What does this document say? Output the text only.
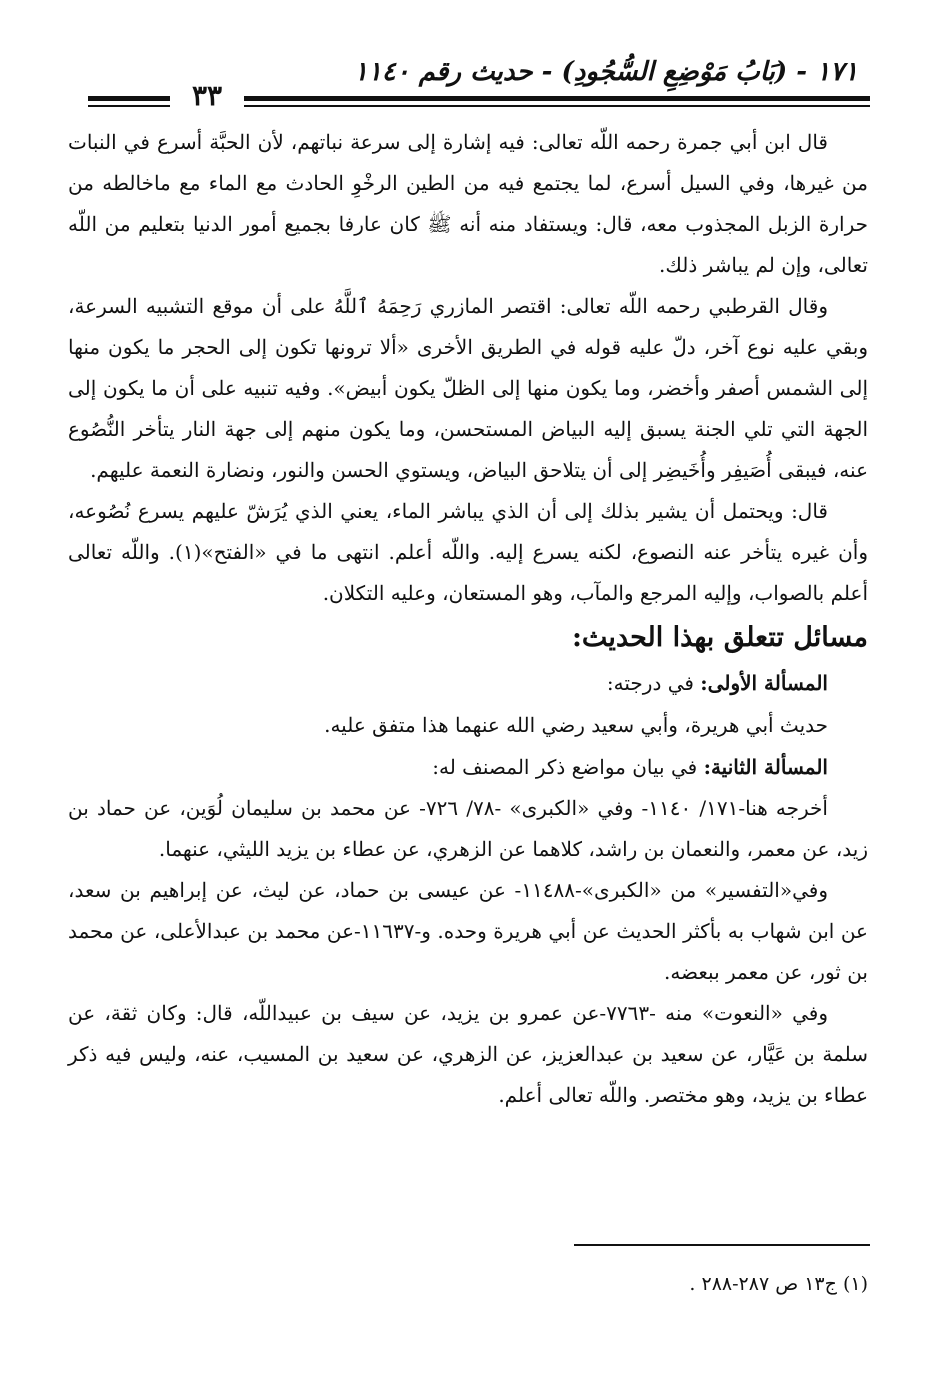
١٧١ - (بَابُ مَوْضِعِ السُّجُودِ) - حديث رقم ١١٤٠
٣٣

قال ابن أبي جمرة رحمه اللّه تعالى: فيه إشارة إلى سرعة نباتهم، لأن الحبَّة أسرع في النبات من غيرها، وفي السيل أسرع، لما يجتمع فيه من الطين الرخْوِ الحادث مع الماء مع ماخالطه من حرارة الزبل المجذوب معه، قال: ويستفاد منه أنه ﷺ كان عارفا بجميع أمور الدنيا بتعليم من اللّه تعالى، وإن لم يباشر ذلك.

وقال القرطبي رحمه اللّه تعالى: اقتصر المازري رَحِمَهُ ٱللَّهُ على أن موقع التشبيه السرعة، وبقي عليه نوع آخر، دلّ عليه قوله في الطريق الأخرى «ألا ترونها تكون إلى الحجر ما يكون منها إلى الشمس أصفر وأخضر، وما يكون منها إلى الظلّ يكون أبيض». وفيه تنبيه على أن ما يكون إلى الجهة التي تلي الجنة يسبق إليه البياض المستحسن، وما يكون منهم إلى جهة النار يتأخر النُّصُوع عنه، فيبقى أُصَيفِر وأُخَيضِر إلى أن يتلاحق البياض، ويستوي الحسن والنور، ونضارة النعمة عليهم.

قال: ويحتمل أن يشير بذلك إلى أن الذي يباشر الماء، يعني الذي يُرَشّ عليهم يسرع نُصُوعه، وأن غيره يتأخر عنه النصوع، لكنه يسرع إليه. واللّه أعلم. انتهى ما في «الفتح»(١). واللّه تعالى أعلم بالصواب، وإليه المرجع والمآب، وهو المستعان، وعليه التكلان.

مسائل تتعلق بهذا الحديث:

المسألة الأولى: في درجته:

حديث أبي هريرة، وأبي سعيد رضي الله عنهما هذا متفق عليه.

المسألة الثانية: في بيان مواضع ذكر المصنف له:

أخرجه هنا-١٧١/ ١١٤٠- وفي «الكبرى» -٧٨/ ٧٢٦- عن محمد بن سليمان لُوَين، عن حماد بن زيد، عن معمر، والنعمان بن راشد، كلاهما عن الزهري، عن عطاء بن يزيد الليثي، عنهما.

وفي«التفسير» من «الكبرى»-١١٤٨٨- عن عيسى بن حماد، عن ليث، عن إبراهيم بن سعد، عن ابن شهاب به بأكثر الحديث عن أبي هريرة وحده. و-١١٦٣٧-عن محمد بن عبدالأعلى، عن محمد بن ثور، عن معمر ببعضه.

وفي «النعوت» منه -٧٧٦٣-عن عمرو بن يزيد، عن سيف بن عبيداللّه، قال: وكان ثقة، عن سلمة بن عَيَّار، عن سعيد بن عبدالعزيز، عن الزهري، عن سعيد بن المسيب، عنه، وليس فيه ذكر عطاء بن يزيد، وهو مختصر. واللّه تعالى أعلم.

(١) ج١٣ ص ٢٨٧-٢٨٨ .
